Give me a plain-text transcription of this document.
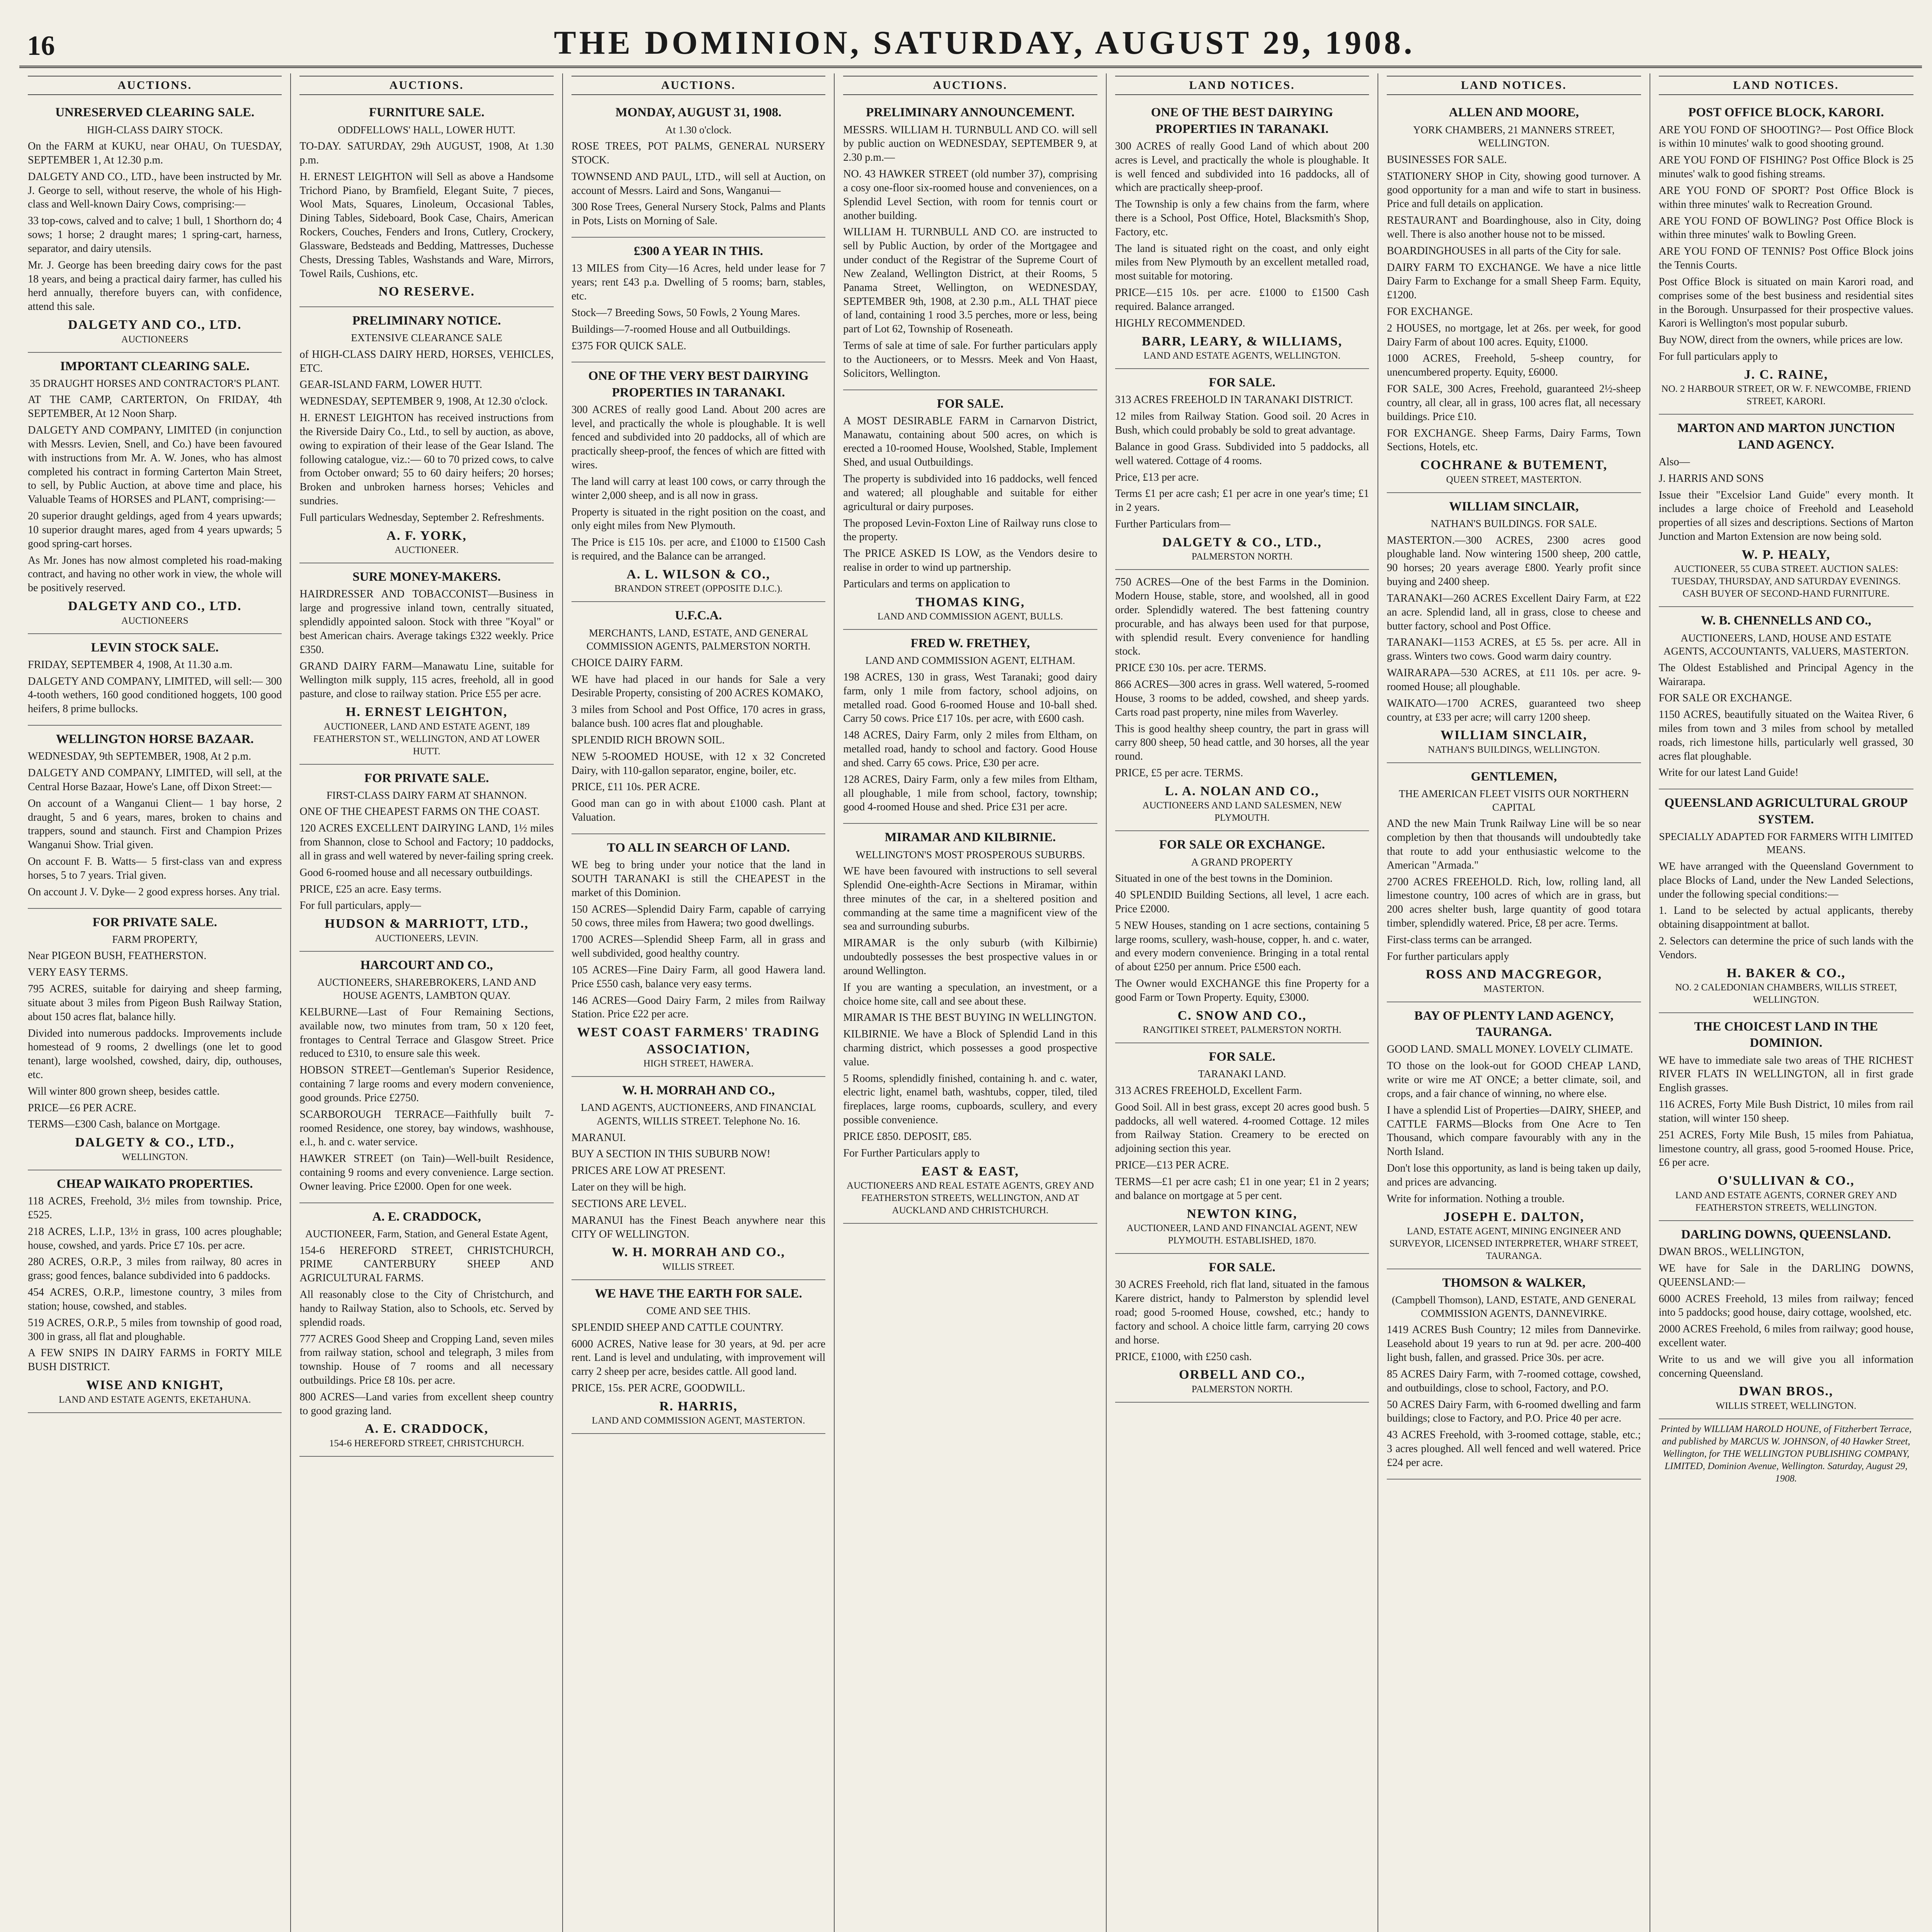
16	THE DOMINION, SATURDAY, AUGUST 29, 1908.
AUCTIONS.
UNRESERVED CLEARING SALE.
HIGH-CLASS DAIRY STOCK.

On the FARM at KUKU, near OHAU, On TUESDAY, SEPTEMBER 1, At 12.30 p.m.

DALGETY AND CO., LTD., have been instructed by Mr. J. George to sell, without reserve, the whole of his High-class and Well-known Dairy Cows, comprising:—

33 top-cows, calved and to calve; 1 bull, 1 Shorthorn do; 4 sows; 1 horse; 2 draught mares; 1 spring-cart, harness, separator, and dairy utensils.

Mr. J. George has been breeding dairy cows for the past 18 years, and being a practical dairy farmer, has culled his herd annually, therefore buyers can, with confidence, attend this sale.

DALGETY AND CO., LTD.
AUCTIONEERS
IMPORTANT CLEARING SALE.
35 DRAUGHT HORSES AND CONTRACTOR'S PLANT.

AT THE CAMP, CARTERTON, On FRIDAY, 4th SEPTEMBER, At 12 Noon Sharp.

DALGETY AND COMPANY, LIMITED (in conjunction with Messrs. Levien, Snell, and Co.) have been favoured with instructions from Mr. A. W. Jones, who has almost completed his contract in forming Carterton Main Street, to sell, by Public Auction, at above time and place, his Valuable Teams of HORSES and PLANT, comprising:—

20 superior draught geldings, aged from 4 years upwards; 10 superior draught mares, aged from 4 years upwards; 5 good spring-cart horses.

As Mr. Jones has now almost completed his road-making contract, and having no other work in view, the whole will be positively reserved.

DALGETY AND CO., LTD.
AUCTIONEERS
LEVIN STOCK SALE.

FRIDAY, SEPTEMBER 4, 1908, At 11.30 a.m.

DALGETY AND COMPANY, LIMITED, will sell:— 300 4-tooth wethers, 160 good conditioned hoggets, 100 good heifers, 8 prime bullocks.

WELLINGTON HORSE BAZAAR.

WEDNESDAY, 9th SEPTEMBER, 1908, At 2 p.m.

DALGETY AND COMPANY, LIMITED, will sell, at the Central Horse Bazaar, Howe's Lane, off Dixon Street:—

On account of a Wanganui Client— 1 bay horse, 2 draught, 5 and 6 years, mares, broken to chains and trappers, sound and staunch. First and Champion Prizes Wanganui Show. Trial given.

On account F. B. Watts— 5 first-class van and express horses, 5 to 7 years. Trial given.

On account J. V. Dyke— 2 good express horses. Any trial.

FOR PRIVATE SALE.
FARM PROPERTY,

Near PIGEON BUSH, FEATHERSTON.

VERY EASY TERMS.

795 ACRES, suitable for dairying and sheep farming, situate about 3 miles from Pigeon Bush Railway Station, about 150 acres flat, balance hilly.

Divided into numerous paddocks. Improvements include homestead of 9 rooms, 2 dwellings (one let to good tenant), large woolshed, cowshed, dairy, dip, outhouses, etc.

Will winter 800 grown sheep, besides cattle.

PRICE—£6 PER ACRE.

TERMS—£300 Cash, balance on Mortgage.

DALGETY & CO., LTD.,
WELLINGTON.
CHEAP WAIKATO PROPERTIES.

118 ACRES, Freehold, 3½ miles from township. Price, £525.

218 ACRES, L.I.P., 13½ in grass, 100 acres ploughable; house, cowshed, and yards. Price £7 10s. per acre.

280 ACRES, O.R.P., 3 miles from railway, 80 acres in grass; good fences, balance subdivided into 6 paddocks.

454 ACRES, O.R.P., limestone country, 3 miles from station; house, cowshed, and stables.

519 ACRES, O.R.P., 5 miles from township of good road, 300 in grass, all flat and ploughable.

A FEW SNIPS IN DAIRY FARMS in FORTY MILE BUSH DISTRICT.

WISE AND KNIGHT,
LAND AND ESTATE AGENTS, EKETAHUNA.
AUCTIONS.
FURNITURE SALE.
ODDFELLOWS' HALL, LOWER HUTT.

TO-DAY. SATURDAY, 29th AUGUST, 1908, At 1.30 p.m.

H. ERNEST LEIGHTON will Sell as above a Handsome Trichord Piano, by Bramfield, Elegant Suite, 7 pieces, Wool Mats, Squares, Linoleum, Occasional Tables, Dining Tables, Sideboard, Book Case, Chairs, American Rockers, Couches, Fenders and Irons, Cutlery, Crockery, Glassware, Bedsteads and Bedding, Mattresses, Duchesse Chests, Dressing Tables, Washstands and Ware, Mirrors, Towel Rails, Cushions, etc.

NO RESERVE.
PRELIMINARY NOTICE.
EXTENSIVE CLEARANCE SALE

of HIGH-CLASS DAIRY HERD, HORSES, VEHICLES, ETC.

GEAR-ISLAND FARM, LOWER HUTT.

WEDNESDAY, SEPTEMBER 9, 1908, At 12.30 o'clock.

H. ERNEST LEIGHTON has received instructions from the Riverside Dairy Co., Ltd., to sell by auction, as above, owing to expiration of their lease of the Gear Island. The following catalogue, viz.:— 60 to 70 prized cows, to calve from October onward; 55 to 60 dairy heifers; 20 horses; Broken and unbroken harness horses; Vehicles and sundries.

Full particulars Wednesday, September 2. Refreshments.

A. F. YORK,
AUCTIONEER.
SURE MONEY-MAKERS.

HAIRDRESSER AND TOBACCONIST—Business in large and progressive inland town, centrally situated, splendidly appointed saloon. Stock with three "Koyal" or best American chairs. Average takings £322 weekly. Price £350.

GRAND DAIRY FARM—Manawatu Line, suitable for Wellington milk supply, 115 acres, freehold, all in good pasture, and close to railway station. Price £55 per acre.

H. ERNEST LEIGHTON,
AUCTIONEER, LAND AND ESTATE AGENT, 189 FEATHERSTON ST., WELLINGTON, AND AT LOWER HUTT.
FOR PRIVATE SALE.
FIRST-CLASS DAIRY FARM AT SHANNON.

ONE OF THE CHEAPEST FARMS ON THE COAST.

120 ACRES EXCELLENT DAIRYING LAND, 1½ miles from Shannon, close to School and Factory; 10 paddocks, all in grass and well watered by never-failing spring creek.

Good 6-roomed house and all necessary outbuildings.

PRICE, £25 an acre. Easy terms.

For full particulars, apply—

HUDSON & MARRIOTT, LTD.,
AUCTIONEERS, LEVIN.
HARCOURT AND CO.,
AUCTIONEERS, SHAREBROKERS, LAND AND HOUSE AGENTS, LAMBTON QUAY.

KELBURNE—Last of Four Remaining Sections, available now, two minutes from tram, 50 x 120 feet, frontages to Central Terrace and Glasgow Street. Price reduced to £310, to ensure sale this week.

HOBSON STREET—Gentleman's Superior Residence, containing 7 large rooms and every modern convenience, good grounds. Price £2750.

SCARBOROUGH TERRACE—Faithfully built 7-roomed Residence, one storey, bay windows, washhouse, e.l., h. and c. water service.

HAWKER STREET (on Tain)—Well-built Residence, containing 9 rooms and every convenience. Large section. Owner leaving. Price £2000. Open for one week.

A. E. CRADDOCK,
AUCTIONEER, Farm, Station, and General Estate Agent,

154-6 HEREFORD STREET, CHRISTCHURCH, PRIME CANTERBURY SHEEP AND AGRICULTURAL FARMS.

All reasonably close to the City of Christchurch, and handy to Railway Station, also to Schools, etc. Served by splendid roads.

777 ACRES Good Sheep and Cropping Land, seven miles from railway station, school and telegraph, 3 miles from township. House of 7 rooms and all necessary outbuildings. Price £8 10s. per acre.

800 ACRES—Land varies from excellent sheep country to good grazing land.

A. E. CRADDOCK,
154-6 HEREFORD STREET, CHRISTCHURCH.
AUCTIONS.
MONDAY, AUGUST 31, 1908.
At 1.30 o'clock.

ROSE TREES, POT PALMS, GENERAL NURSERY STOCK.

TOWNSEND AND PAUL, LTD., will sell at Auction, on account of Messrs. Laird and Sons, Wanganui—

300 Rose Trees, General Nursery Stock, Palms and Plants in Pots, Lists on Morning of Sale.

£300 A YEAR IN THIS.

13 MILES from City—16 Acres, held under lease for 7 years; rent £43 p.a. Dwelling of 5 rooms; barn, stables, etc.

Stock—7 Breeding Sows, 50 Fowls, 2 Young Mares.

Buildings—7-roomed House and all Outbuildings.

£375 FOR QUICK SALE.

ONE OF THE VERY BEST DAIRYING PROPERTIES IN TARANAKI.

300 ACRES of really good Land. About 200 acres are level, and practically the whole is ploughable. It is well fenced and subdivided into 20 paddocks, all of which are practically sheep-proof, the fences of which are fitted with wires.

The land will carry at least 100 cows, or carry through the winter 2,000 sheep, and is all now in grass.

Property is situated in the right position on the coast, and only eight miles from New Plymouth.

The Price is £15 10s. per acre, and £1000 to £1500 Cash is required, and the Balance can be arranged.

A. L. WILSON & CO.,
BRANDON STREET (OPPOSITE D.I.C.).
U.F.C.A.
MERCHANTS, LAND, ESTATE, AND GENERAL COMMISSION AGENTS, PALMERSTON NORTH.

CHOICE DAIRY FARM.

WE have had placed in our hands for Sale a very Desirable Property, consisting of 200 ACRES KOMAKO,

3 miles from School and Post Office, 170 acres in grass, balance bush. 100 acres flat and ploughable.

SPLENDID RICH BROWN SOIL.

NEW 5-ROOMED HOUSE, with 12 x 32 Concreted Dairy, with 110-gallon separator, engine, boiler, etc.

PRICE, £11 10s. PER ACRE.

Good man can go in with about £1000 cash. Plant at Valuation.

TO ALL IN SEARCH OF LAND.

WE beg to bring under your notice that the land in SOUTH TARANAKI is still the CHEAPEST in the market of this Dominion.

150 ACRES—Splendid Dairy Farm, capable of carrying 50 cows, three miles from Hawera; two good dwellings.

1700 ACRES—Splendid Sheep Farm, all in grass and well subdivided, good healthy country.

105 ACRES—Fine Dairy Farm, all good Hawera land. Price £550 cash, balance very easy terms.

146 ACRES—Good Dairy Farm, 2 miles from Railway Station. Price £22 per acre.

WEST COAST FARMERS' TRADING ASSOCIATION,
HIGH STREET, HAWERA.
W. H. MORRAH AND CO.,
LAND AGENTS, AUCTIONEERS, AND FINANCIAL AGENTS, WILLIS STREET. Telephone No. 16.

MARANUI.

BUY A SECTION IN THIS SUBURB NOW!

PRICES ARE LOW AT PRESENT.

Later on they will be high.

SECTIONS ARE LEVEL.

MARANUI has the Finest Beach anywhere near this CITY OF WELLINGTON.

W. H. MORRAH AND CO.,
WILLIS STREET.
WE HAVE THE EARTH FOR SALE.
COME AND SEE THIS.

SPLENDID SHEEP AND CATTLE COUNTRY.

6000 ACRES, Native lease for 30 years, at 9d. per acre rent. Land is level and undulating, with improvement will carry 2 sheep per acre, besides cattle. All good land.

PRICE, 15s. PER ACRE, GOODWILL.

R. HARRIS,
LAND AND COMMISSION AGENT, MASTERTON.
AUCTIONS.
PRELIMINARY ANNOUNCEMENT.

MESSRS. WILLIAM H. TURNBULL AND CO. will sell by public auction on WEDNESDAY, SEPTEMBER 9, at 2.30 p.m.—

NO. 43 HAWKER STREET (old number 37), comprising a cosy one-floor six-roomed house and conveniences, on a Splendid Level Section, with room for tennis court or another building.

WILLIAM H. TURNBULL AND CO. are instructed to sell by Public Auction, by order of the Mortgagee and under conduct of the Registrar of the Supreme Court of New Zealand, Wellington District, at their Rooms, 5 Panama Street, Wellington, on WEDNESDAY, SEPTEMBER 9th, 1908, at 2.30 p.m., ALL THAT piece of land, containing 1 rood 3.5 perches, more or less, being part of Lot 62, Township of Roseneath.

Terms of sale at time of sale. For further particulars apply to the Auctioneers, or to Messrs. Meek and Von Haast, Solicitors, Wellington.

FOR SALE.

A MOST DESIRABLE FARM in Carnarvon District, Manawatu, containing about 500 acres, on which is erected a 10-roomed House, Woolshed, Stable, Implement Shed, and usual Outbuildings.

The property is subdivided into 16 paddocks, well fenced and watered; all ploughable and suitable for either agricultural or dairy purposes.

The proposed Levin-Foxton Line of Railway runs close to the property.

The PRICE ASKED IS LOW, as the Vendors desire to realise in order to wind up partnership.

Particulars and terms on application to

THOMAS KING,
LAND AND COMMISSION AGENT, BULLS.
FRED W. FRETHEY,
LAND AND COMMISSION AGENT, ELTHAM.

198 ACRES, 130 in grass, West Taranaki; good dairy farm, only 1 mile from factory, school adjoins, on metalled road. Good 6-roomed House and 10-ball shed. Carry 50 cows. Price £17 10s. per acre, with £600 cash.

148 ACRES, Dairy Farm, only 2 miles from Eltham, on metalled road, handy to school and factory. Good House and shed. Carry 65 cows. Price, £30 per acre.

128 ACRES, Dairy Farm, only a few miles from Eltham, all ploughable, 1 mile from school, factory, township; good 4-roomed House and shed. Price £31 per acre.

MIRAMAR AND KILBIRNIE.
WELLINGTON'S MOST PROSPEROUS SUBURBS.

WE have been favoured with instructions to sell several Splendid One-eighth-Acre Sections in Miramar, within three minutes of the car, in a sheltered position and commanding at the same time a magnificent view of the sea and surrounding suburbs.

MIRAMAR is the only suburb (with Kilbirnie) undoubtedly possesses the best prospective values in or around Wellington.

If you are wanting a speculation, an investment, or a choice home site, call and see about these.

MIRAMAR IS THE BEST BUYING IN WELLINGTON.

KILBIRNIE. We have a Block of Splendid Land in this charming district, which possesses a good prospective value.

5 Rooms, splendidly finished, containing h. and c. water, electric light, enamel bath, washtubs, copper, tiled, tiled fireplaces, large rooms, cupboards, scullery, and every possible convenience.

PRICE £850. DEPOSIT, £85.

For Further Particulars apply to

EAST & EAST,
AUCTIONEERS AND REAL ESTATE AGENTS, GREY AND FEATHERSTON STREETS, WELLINGTON, AND AT AUCKLAND AND CHRISTCHURCH.
LAND NOTICES.
ONE OF THE BEST DAIRYING PROPERTIES IN TARANAKI.

300 ACRES of really Good Land of which about 200 acres is Level, and practically the whole is ploughable. It is well fenced and subdivided into 16 paddocks, all of which are practically sheep-proof.

The Township is only a few chains from the farm, where there is a School, Post Office, Hotel, Blacksmith's Shop, Factory, etc.

The land is situated right on the coast, and only eight miles from New Plymouth by an excellent metalled road, most suitable for motoring.

PRICE—£15 10s. per acre. £1000 to £1500 Cash required. Balance arranged.

HIGHLY RECOMMENDED.

BARR, LEARY, & WILLIAMS,
LAND AND ESTATE AGENTS, WELLINGTON.
FOR SALE.

313 ACRES FREEHOLD IN TARANAKI DISTRICT.

12 miles from Railway Station. Good soil. 20 Acres in Bush, which could probably be sold to great advantage.

Balance in good Grass. Subdivided into 5 paddocks, all well watered. Cottage of 4 rooms.

Price, £13 per acre.

Terms £1 per acre cash; £1 per acre in one year's time; £1 in 2 years.

Further Particulars from—

DALGETY & CO., LTD.,
PALMERSTON NORTH.

750 ACRES—One of the best Farms in the Dominion. Modern House, stable, store, and woolshed, all in good order. Splendidly watered. The best fattening country procurable, and has always been used for that purpose, with splendid result. Every convenience for handling stock.

PRICE £30 10s. per acre. TERMS.

866 ACRES—300 acres in grass. Well watered, 5-roomed House, 3 rooms to be added, cowshed, and sheep yards. Carts road past property, nine miles from Waverley.

This is good healthy sheep country, the part in grass will carry 800 sheep, 50 head cattle, and 30 horses, all the year round.

PRICE, £5 per acre. TERMS.

L. A. NOLAN AND CO.,
AUCTIONEERS AND LAND SALESMEN, NEW PLYMOUTH.
FOR SALE OR EXCHANGE.
A GRAND PROPERTY

Situated in one of the best towns in the Dominion.

40 SPLENDID Building Sections, all level, 1 acre each. Price £2000.

5 NEW Houses, standing on 1 acre sections, containing 5 large rooms, scullery, wash-house, copper, h. and c. water, and every modern convenience. Bringing in a total rental of about £250 per annum. Price £500 each.

The Owner would EXCHANGE this fine Property for a good Farm or Town Property. Equity, £3000.

C. SNOW AND CO.,
RANGITIKEI STREET, PALMERSTON NORTH.
FOR SALE.
TARANAKI LAND.

313 ACRES FREEHOLD, Excellent Farm.

Good Soil. All in best grass, except 20 acres good bush. 5 paddocks, all well watered. 4-roomed Cottage. 12 miles from Railway Station. Creamery to be erected on adjoining section this year.

PRICE—£13 PER ACRE.

TERMS—£1 per acre cash; £1 in one year; £1 in 2 years; and balance on mortgage at 5 per cent.

NEWTON KING,
AUCTIONEER, LAND AND FINANCIAL AGENT, NEW PLYMOUTH. ESTABLISHED, 1870.
FOR SALE.

30 ACRES Freehold, rich flat land, situated in the famous Karere district, handy to Palmerston by splendid level road; good 5-roomed House, cowshed, etc.; handy to factory and school. A choice little farm, carrying 20 cows and horse.

PRICE, £1000, with £250 cash.

ORBELL AND CO.,
PALMERSTON NORTH.
LAND NOTICES.
ALLEN AND MOORE,
YORK CHAMBERS, 21 MANNERS STREET, WELLINGTON.

BUSINESSES FOR SALE.

STATIONERY SHOP in City, showing good turnover. A good opportunity for a man and wife to start in business. Price and full details on application.

RESTAURANT and Boardinghouse, also in City, doing well. There is also another house not to be missed.

BOARDINGHOUSES in all parts of the City for sale.

DAIRY FARM TO EXCHANGE. We have a nice little Dairy Farm to Exchange for a small Sheep Farm. Equity, £1200.

FOR EXCHANGE.

2 HOUSES, no mortgage, let at 26s. per week, for good Dairy Farm of about 100 acres. Equity, £1000.

1000 ACRES, Freehold, 5-sheep country, for unencumbered property. Equity, £6000.

FOR SALE, 300 Acres, Freehold, guaranteed 2½-sheep country, all clear, all in grass, 100 acres flat, all necessary buildings. Price £10.

FOR EXCHANGE. Sheep Farms, Dairy Farms, Town Sections, Hotels, etc.

COCHRANE & BUTEMENT,
QUEEN STREET, MASTERTON.
WILLIAM SINCLAIR,
NATHAN'S BUILDINGS. FOR SALE.

MASTERTON.—300 ACRES, 2300 acres good ploughable land. Now wintering 1500 sheep, 200 cattle, 90 horses; 20 years average £800. Yearly profit since buying and 2400 sheep.

TARANAKI—260 ACRES Excellent Dairy Farm, at £22 an acre. Splendid land, all in grass, close to cheese and butter factory, school and Post Office.

TARANAKI—1153 ACRES, at £5 5s. per acre. All in grass. Winters two cows. Good warm dairy country.

WAIRARAPA—530 ACRES, at £11 10s. per acre. 9-roomed House; all ploughable.

WAIKATO—1700 ACRES, guaranteed two sheep country, at £33 per acre; will carry 1200 sheep.

WILLIAM SINCLAIR,
NATHAN'S BUILDINGS, WELLINGTON.
GENTLEMEN,
THE AMERICAN FLEET VISITS OUR NORTHERN CAPITAL

AND the new Main Trunk Railway Line will be so near completion by then that thousands will undoubtedly take that route to add your enthusiastic welcome to the American "Armada."

2700 ACRES FREEHOLD. Rich, low, rolling land, all limestone country, 100 acres of which are in grass, but 200 acres shelter bush, large quantity of good totara timber, splendidly watered. Price, £8 per acre. Terms.

First-class terms can be arranged.

For further particulars apply

ROSS AND MACGREGOR,
MASTERTON.
BAY OF PLENTY LAND AGENCY, TAURANGA.

GOOD LAND. SMALL MONEY. LOVELY CLIMATE.

TO those on the look-out for GOOD CHEAP LAND, write or wire me AT ONCE; a better climate, soil, and crops, and a fair chance of winning, no where else.

I have a splendid List of Properties—DAIRY, SHEEP, and CATTLE FARMS—Blocks from One Acre to Ten Thousand, which compare favourably with any in the North Island.

Don't lose this opportunity, as land is being taken up daily, and prices are advancing.

Write for information. Nothing a trouble.

JOSEPH E. DALTON,
LAND, ESTATE AGENT, MINING ENGINEER AND SURVEYOR, LICENSED INTERPRETER, WHARF STREET, TAURANGA.
THOMSON & WALKER,
(Campbell Thomson), LAND, ESTATE, AND GENERAL COMMISSION AGENTS, DANNEVIRKE.

1419 ACRES Bush Country; 12 miles from Dannevirke. Leasehold about 19 years to run at 9d. per acre. 200-400 light bush, fallen, and grassed. Price 30s. per acre.

85 ACRES Dairy Farm, with 7-roomed cottage, cowshed, and outbuildings, close to school, Factory, and P.O.

50 ACRES Dairy Farm, with 6-roomed dwelling and farm buildings; close to Factory, and P.O. Price 40 per acre.

43 ACRES Freehold, with 3-roomed cottage, stable, etc.; 3 acres ploughed. All well fenced and well watered. Price £24 per acre.

LAND NOTICES.
POST OFFICE BLOCK, KARORI.

ARE YOU FOND OF SHOOTING?— Post Office Block is within 10 minutes' walk to good shooting ground.

ARE YOU FOND OF FISHING? Post Office Block is 25 minutes' walk to good fishing streams.

ARE YOU FOND OF SPORT? Post Office Block is within three minutes' walk to Recreation Ground.

ARE YOU FOND OF BOWLING? Post Office Block is within three minutes' walk to Bowling Green.

ARE YOU FOND OF TENNIS? Post Office Block joins the Tennis Courts.

Post Office Block is situated on main Karori road, and comprises some of the best business and residential sites in the Borough. Unsurpassed for their prospective values. Karori is Wellington's most popular suburb.

Buy NOW, direct from the owners, while prices are low.

For full particulars apply to

J. C. RAINE,
NO. 2 HARBOUR STREET, OR W. F. NEWCOMBE, FRIEND STREET, KARORI.
MARTON AND MARTON JUNCTION LAND AGENCY.

Also—

J. HARRIS AND SONS

Issue their "Excelsior Land Guide" every month. It includes a large choice of Freehold and Leasehold properties of all sizes and descriptions. Sections of Marton Junction and Marton Extension are now being sold.

W. P. HEALY,
AUCTIONEER, 55 CUBA STREET. AUCTION SALES: TUESDAY, THURSDAY, AND SATURDAY EVENINGS. CASH BUYER OF SECOND-HAND FURNITURE.
W. B. CHENNELLS AND CO.,
AUCTIONEERS, LAND, HOUSE AND ESTATE AGENTS, ACCOUNTANTS, VALUERS, MASTERTON.

The Oldest Established and Principal Agency in the Wairarapa.

FOR SALE OR EXCHANGE.

1150 ACRES, beautifully situated on the Waitea River, 6 miles from town and 3 miles from school by metalled roads, rich limestone hills, particularly well grassed, 30 acres flat ploughable.

Write for our latest Land Guide!

QUEENSLAND AGRICULTURAL GROUP SYSTEM.
SPECIALLY ADAPTED FOR FARMERS WITH LIMITED MEANS.

WE have arranged with the Queensland Government to place Blocks of Land, under the New Landed Selections, under the following special conditions:—

1. Land to be selected by actual applicants, thereby obtaining disappointment at ballot.

2. Selectors can determine the price of such lands with the Vendors.

H. BAKER & CO.,
NO. 2 CALEDONIAN CHAMBERS, WILLIS STREET, WELLINGTON.
THE CHOICEST LAND IN THE DOMINION.

WE have to immediate sale two areas of THE RICHEST RIVER FLATS IN WELLINGTON, all in first grade English grasses.

116 ACRES, Forty Mile Bush District, 10 miles from rail station, will winter 150 sheep.

251 ACRES, Forty Mile Bush, 15 miles from Pahiatua, limestone country, all grass, good 5-roomed House. Price, £6 per acre.

O'SULLIVAN & CO.,
LAND AND ESTATE AGENTS, CORNER GREY AND FEATHERSTON STREETS, WELLINGTON.
DARLING DOWNS, QUEENSLAND.

DWAN BROS., WELLINGTON,

WE have for Sale in the DARLING DOWNS, QUEENSLAND:—

6000 ACRES Freehold, 13 miles from railway; fenced into 5 paddocks; good house, dairy cottage, woolshed, etc.

2000 ACRES Freehold, 6 miles from railway; good house, excellent water.

Write to us and we will give you all information concerning Queensland.

DWAN BROS.,
WILLIS STREET, WELLINGTON.
Printed by WILLIAM HAROLD HOUNE, of Fitzherbert Terrace, and published by MARCUS W. JOHNSON, of 40 Hawker Street, Wellington, for THE WELLINGTON PUBLISHING COMPANY, LIMITED, Dominion Avenue, Wellington. Saturday, August 29, 1908.
